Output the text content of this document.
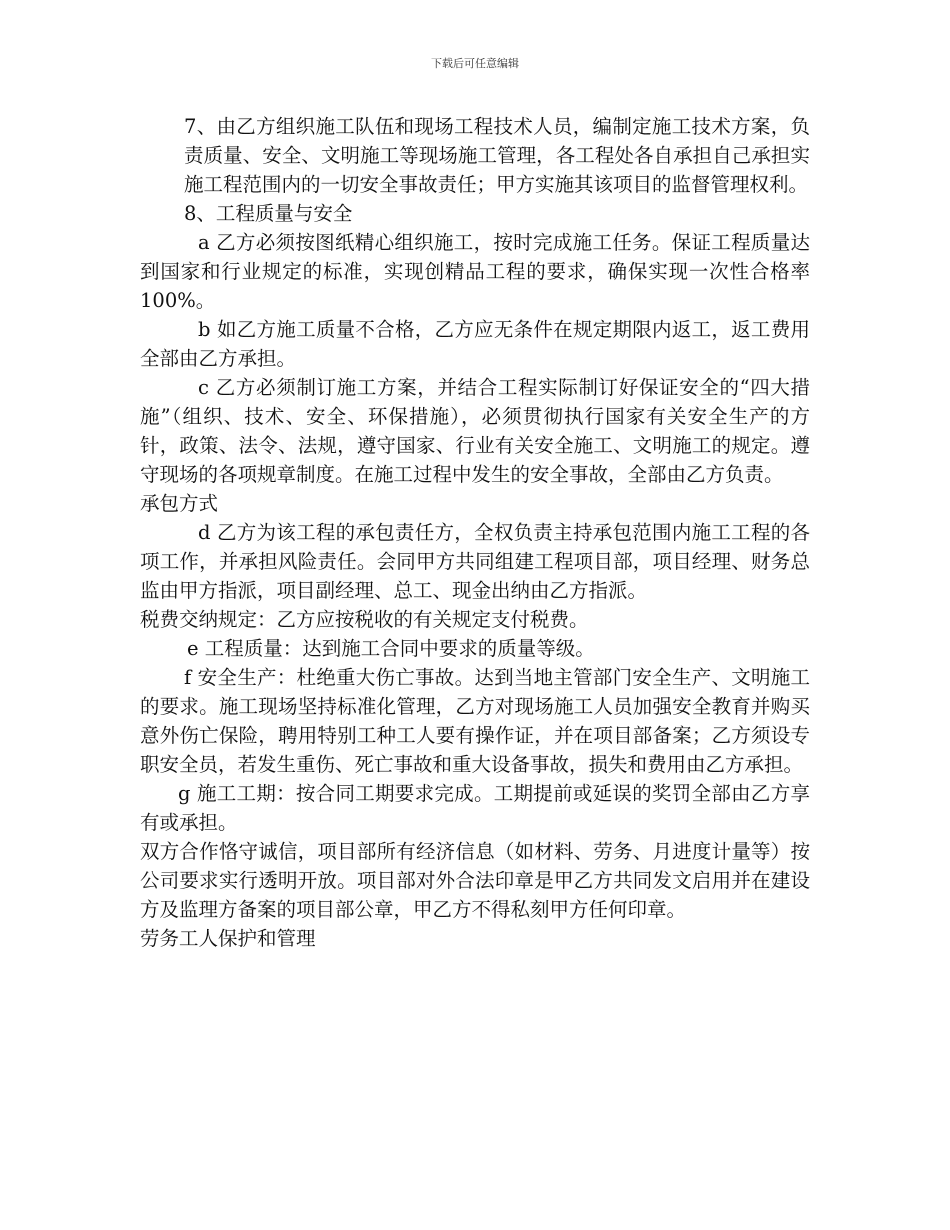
下载后可任意编辑

7、由乙方组织施工队伍和现场工程技术人员，编制定施工技术方案，负责质量、安全、文明施工等现场施工管理，各工程处各自承担自己承担实施工程范围内的一切安全事故责任；甲方实施其该项目的监督管理权利。

8、工程质量与安全

a 乙方必须按图纸精心组织施工，按时完成施工任务。保证工程质量达到国家和行业规定的标准，实现创精品工程的要求，确保实现一次性合格率100%。

b 如乙方施工质量不合格，乙方应无条件在规定期限内返工，返工费用全部由乙方承担。

c 乙方必须制订施工方案，并结合工程实际制订好保证安全的“四大措施”（组织、技术、安全、环保措施），必须贯彻执行国家有关安全生产的方针，政策、法令、法规，遵守国家、行业有关安全施工、文明施工的规定。遵守现场的各项规章制度。在施工过程中发生的安全事故，全部由乙方负责。

承包方式

d 乙方为该工程的承包责任方，全权负责主持承包范围内施工工程的各项工作，并承担风险责任。会同甲方共同组建工程项目部，项目经理、财务总监由甲方指派，项目副经理、总工、现金出纳由乙方指派。

税费交纳规定：乙方应按税收的有关规定支付税费。

e 工程质量：达到施工合同中要求的质量等级。

f 安全生产：杜绝重大伤亡事故。达到当地主管部门安全生产、文明施工的要求。施工现场坚持标准化管理，乙方对现场施工人员加强安全教育并购买意外伤亡保险，聘用特别工种工人要有操作证，并在项目部备案；乙方须设专职安全员，若发生重伤、死亡事故和重大设备事故，损失和费用由乙方承担。

g 施工工期：按合同工期要求完成。工期提前或延误的奖罚全部由乙方享有或承担。

双方合作恪守诚信，项目部所有经济信息（如材料、劳务、月进度计量等）按公司要求实行透明开放。项目部对外合法印章是甲乙方共同发文启用并在建设方及监理方备案的项目部公章，甲乙方不得私刻甲方任何印章。

劳务工人保护和管理
